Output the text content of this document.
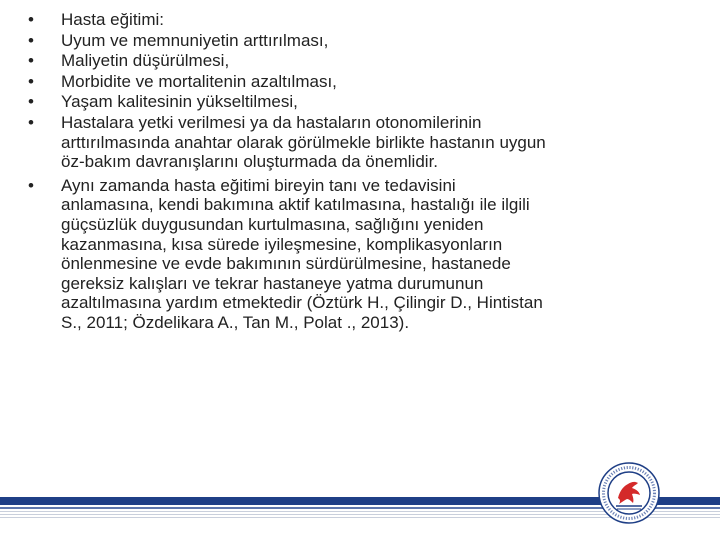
• Hasta eğitimi:
• Uyum ve memnuniyetin arttırılması,
• Maliyetin düşürülmesi,
• Morbidite ve mortalitenin azaltılması,
• Yaşam kalitesinin yükseltilmesi,
• Hastalara yetki verilmesi ya da hastaların otonomilerinin arttırılmasında anahtar olarak görülmekle birlikte hastanın uygun öz-bakım davranışlarını oluşturmada da önemlidir.
• Aynı zamanda hasta eğitimi bireyin tanı ve tedavisini anlamasına, kendi bakımına aktif katılmasına, hastalığı ile ilgili güçsüzlük duygusundan kurtulmasına, sağlığını yeniden kazanmasına, kısa sürede iyileşmesine, komplikasyonların önlenmesine ve evde bakımının sürdürülmesine, hastanede gereksiz kalışları ve tekrar hastaneye yatma durumunun azaltılmasına yardım etmektedir (Öztürk H., Çilingir D., Hintistan S., 2011; Özdelikara A., Tan M., Polat ., 2013).
